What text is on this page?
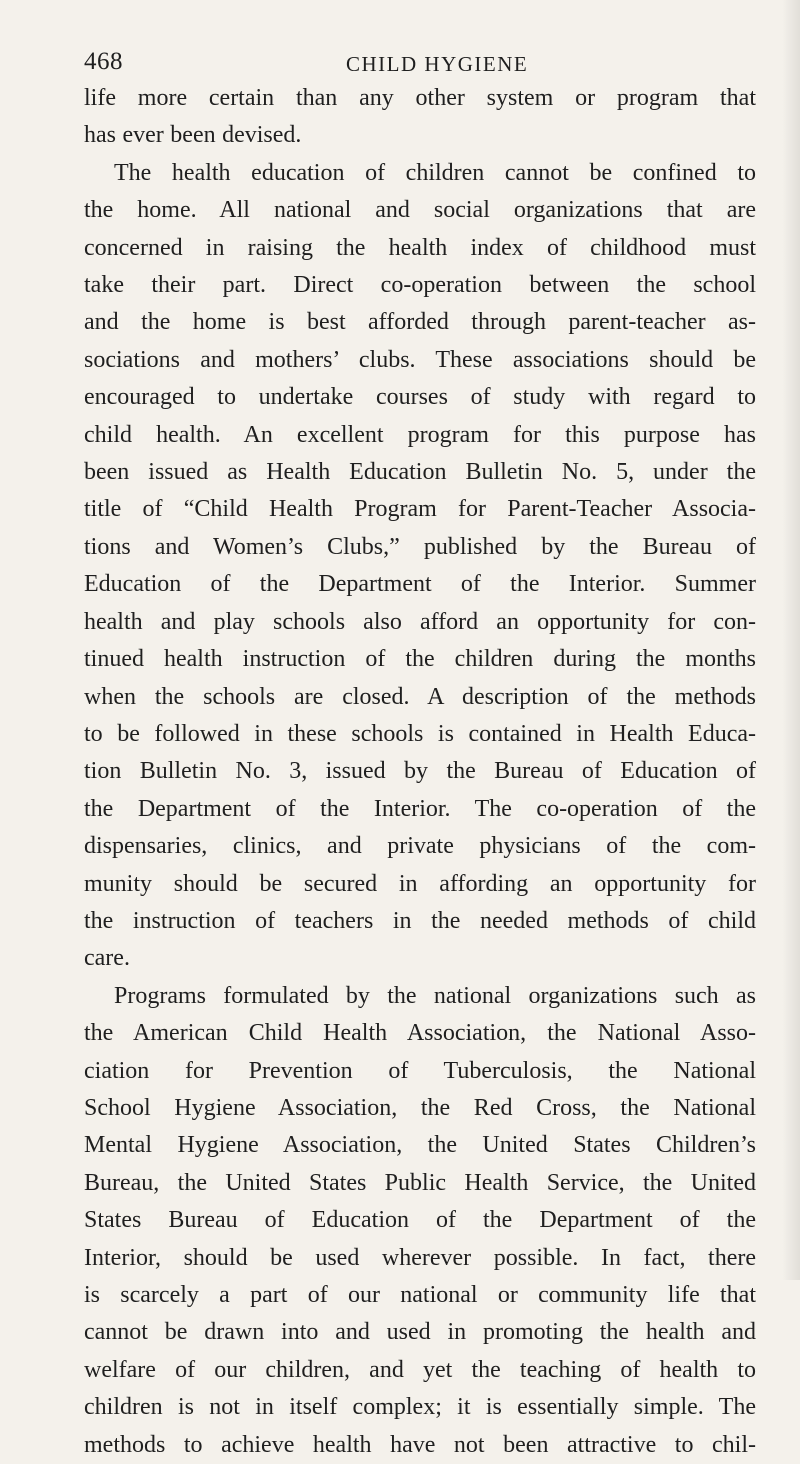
468	CHILD HYGIENE
life more certain than any other system or program that
has ever been devised.
The health education of children cannot be confined to
the home. All national and social organizations that are
concerned in raising the health index of childhood must
take their part. Direct co-operation between the school
and the home is best afforded through parent-teacher as-
sociations and mothers’ clubs. These associations should be
encouraged to undertake courses of study with regard to
child health. An excellent program for this purpose has
been issued as Health Education Bulletin No. 5, under the
title of “Child Health Program for Parent-Teacher Associa-
tions and Women’s Clubs,” published by the Bureau of
Education of the Department of the Interior. Summer
health and play schools also afford an opportunity for con-
tinued health instruction of the children during the months
when the schools are closed. A description of the methods
to be followed in these schools is contained in Health Educa-
tion Bulletin No. 3, issued by the Bureau of Education of
the Department of the Interior. The co-operation of the
dispensaries, clinics, and private physicians of the com-
munity should be secured in affording an opportunity for
the instruction of teachers in the needed methods of child
care.
Programs formulated by the national organizations such as
the American Child Health Association, the National Asso-
ciation for Prevention of Tuberculosis, the National
School Hygiene Association, the Red Cross, the National
Mental Hygiene Association, the United States Children’s
Bureau, the United States Public Health Service, the United
States Bureau of Education of the Department of the
Interior, should be used wherever possible. In fact, there
is scarcely a part of our national or community life that
cannot be drawn into and used in promoting the health and
welfare of our children, and yet the teaching of health to
children is not in itself complex; it is essentially simple. The
methods to achieve health have not been attractive to chil-
